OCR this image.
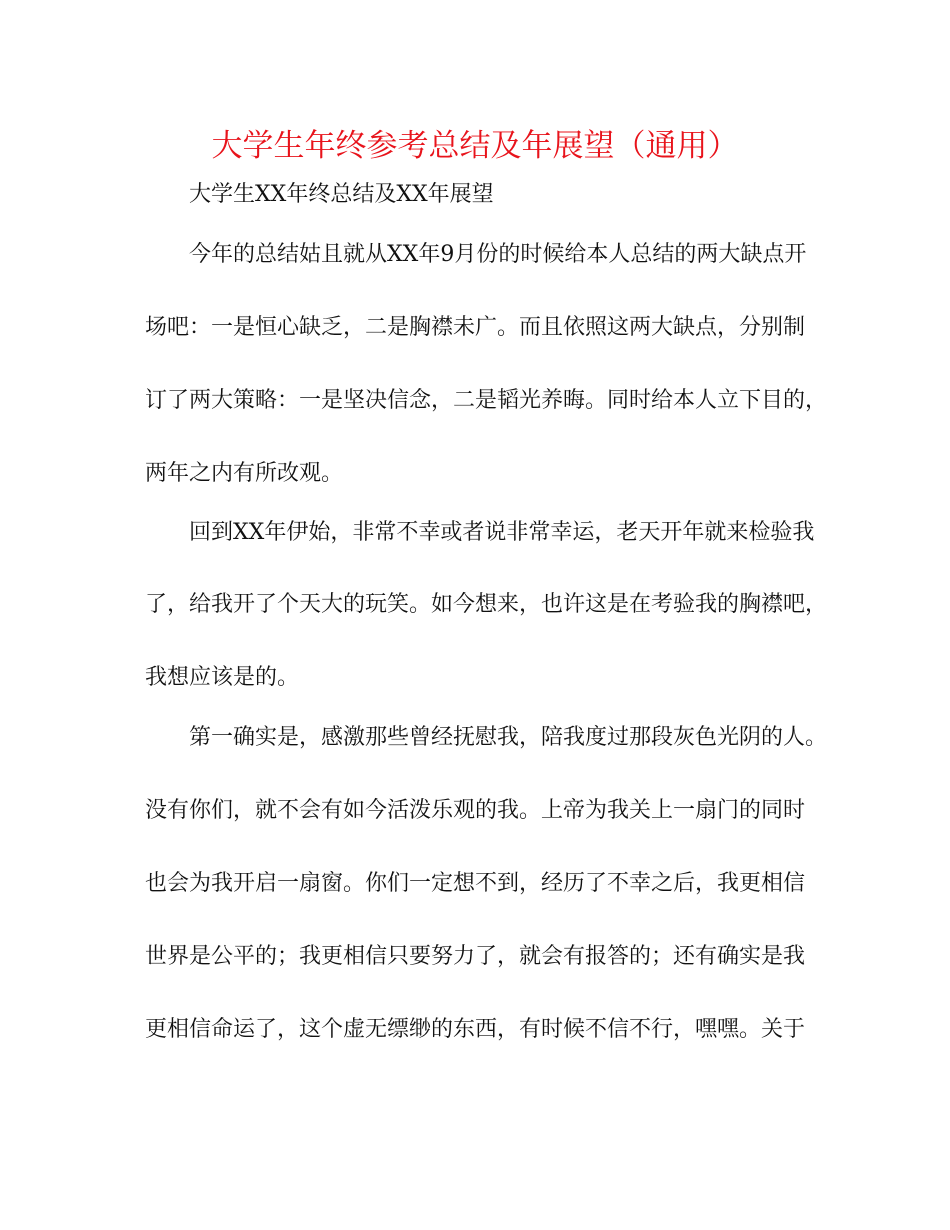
大学生年终参考总结及年展望（通用）

大学生XX年终总结及XX年展望

今年的总结姑且就从XX年9月份的时候给本人总结的两大缺点开

场吧：一是恒心缺乏，二是胸襟未广。而且依照这两大缺点，分别制

订了两大策略：一是坚决信念，二是韬光养晦。同时给本人立下目的，

两年之内有所改观。

回到XX年伊始，非常不幸或者说非常幸运，老天开年就来检验我

了，给我开了个天大的玩笑。如今想来，也许这是在考验我的胸襟吧，

我想应该是的。

第一确实是，感激那些曾经抚慰我，陪我度过那段灰色光阴的人。

没有你们，就不会有如今活泼乐观的我。上帝为我关上一扇门的同时

也会为我开启一扇窗。你们一定想不到，经历了不幸之后，我更相信

世界是公平的；我更相信只要努力了，就会有报答的；还有确实是我

更相信命运了，这个虚无缥缈的东西，有时候不信不行，嘿嘿。关于
